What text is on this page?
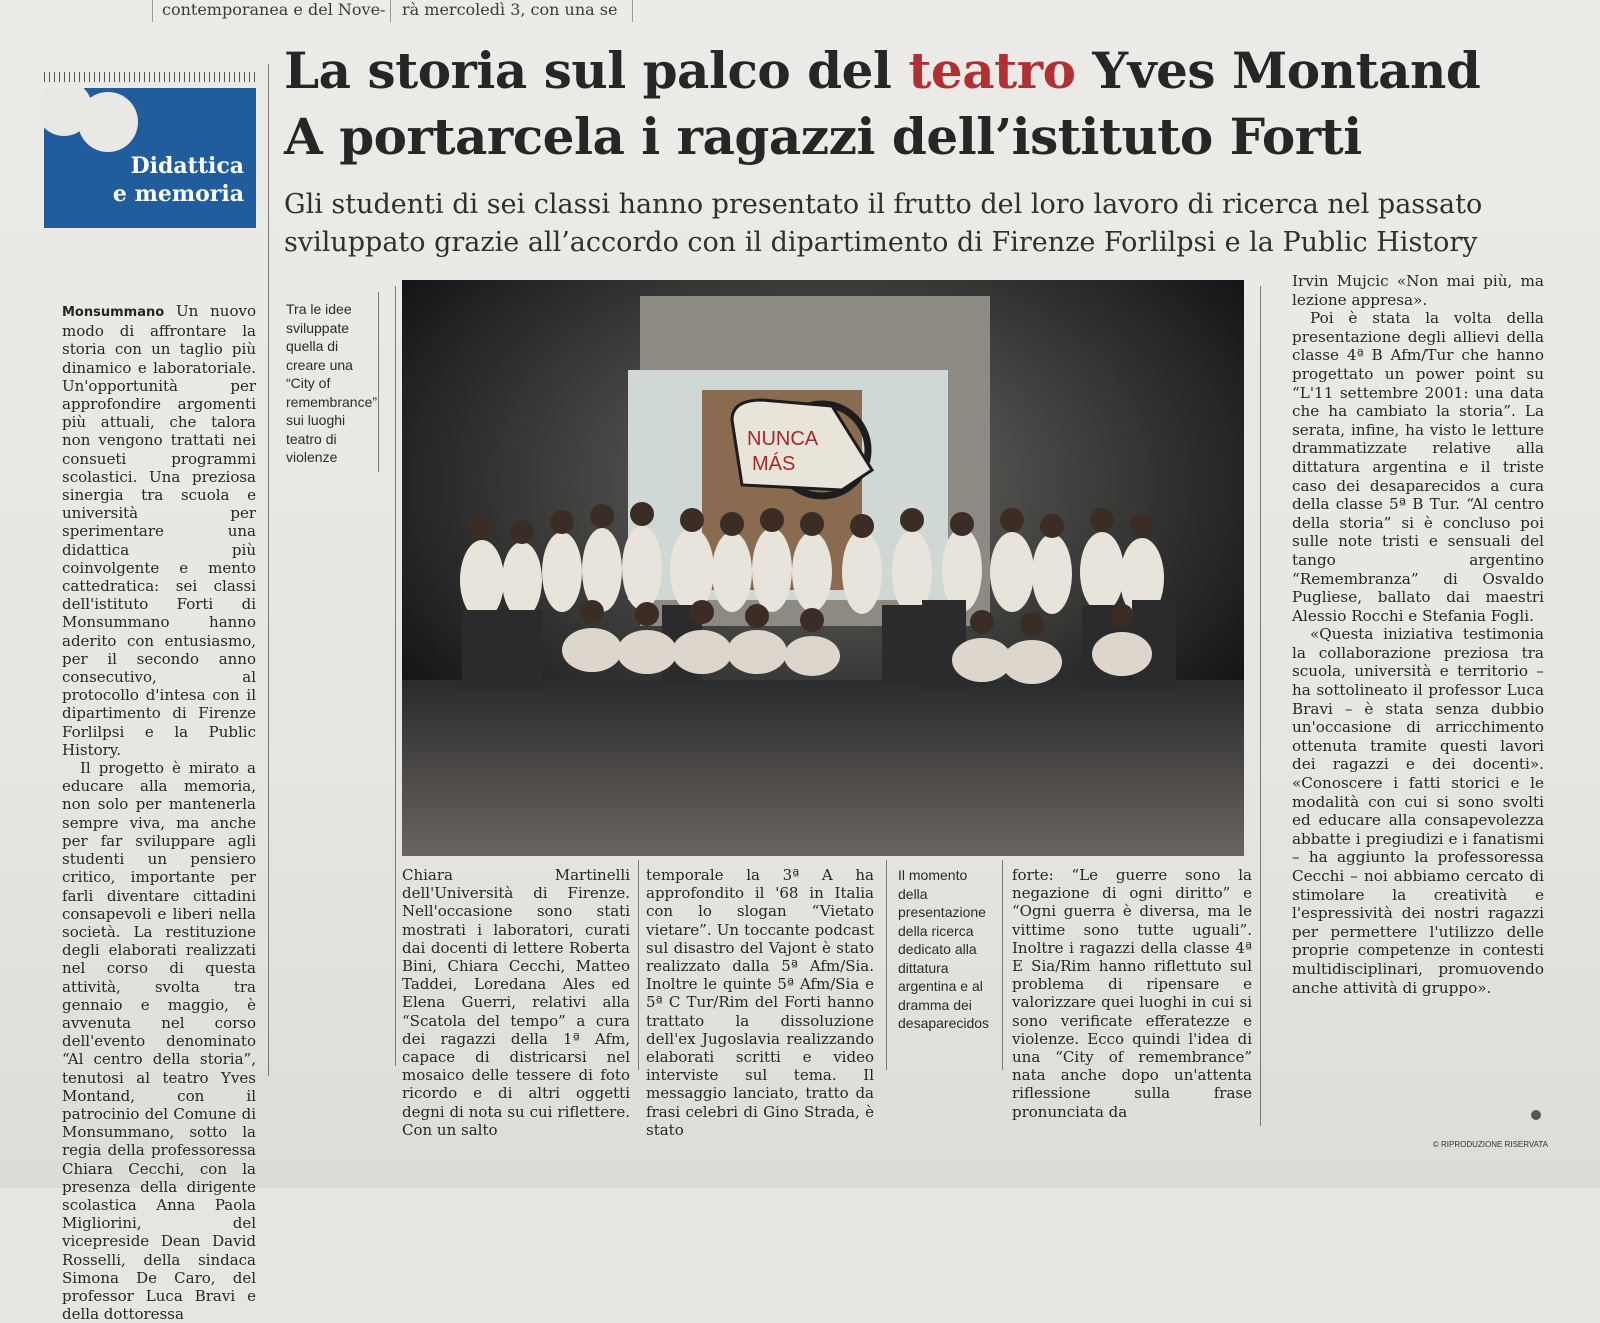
contemporanea e del Nove- rà mercoledì 3, con una se
Didattica
e memoria
La storia sul palco del teatro Yves Montand
A portarcela i ragazzi dell’istituto Forti
Gli studenti di sei classi hanno presentato il frutto del loro lavoro di ricerca nel passato
sviluppato grazie all’accordo con il dipartimento di Firenze Forlilpsi e la Public History

Monsummano Un nuovo modo di affrontare la storia con un taglio più dinamico e laboratoriale. Un'opportunità per approfondire argomenti più attuali, che talora non vengono trattati nei consueti programmi scolastici. Una preziosa sinergia tra scuola e università per sperimentare una didattica più coinvolgente e mento cattedratica: sei classi dell'istituto Forti di Monsummano hanno aderito con entusiasmo, per il secondo anno consecutivo, al protocollo d'intesa con il dipartimento di Firenze Forlilpsi e la Public History.

Il progetto è mirato a educare alla memoria, non solo per mantenerla sempre viva, ma anche per far sviluppare agli studenti un pensiero critico, importante per farli diventare cittadini consapevoli e liberi nella società. La restituzione degli elaborati realizzati nel corso di questa attività, svolta tra gennaio e maggio, è avvenuta nel corso dell'evento denominato “Al centro della storia”, tenutosi al teatro Yves Montand, con il patrocinio del Comune di Monsummano, sotto la regia della professoressa Chiara Cecchi, con la presenza della dirigente scolastica Anna Paola Migliorini, del vicepreside Dean David Rosselli, della sindaca Simona De Caro, del professor Luca Bravi e della dottoressa

Tra le idee sviluppate quella di creare una “City of remembrance” sui luoghi teatro di violenze
NUNCA
MÁS

Chiara Martinelli dell'Università di Firenze. Nell'occasione sono stati mostrati i laboratori, curati dai docenti di lettere Roberta Bini, Chiara Cecchi, Matteo Taddei, Loredana Ales ed Elena Guerri, relativi alla “Scatola del tempo” a cura dei ragazzi della 1ª Afm, capace di districarsi nel mosaico delle tessere di foto ricordo e di altri oggetti degni di nota su cui riflettere. Con un salto

temporale la 3ª A ha approfondito il '68 in Italia con lo slogan “Vietato vietare”. Un toccante podcast sul disastro del Vajont è stato realizzato dalla 5ª Afm/Sia. Inoltre le quinte 5ª Afm/Sia e 5ª C Tur/Rim del Forti hanno trattato la dissoluzione dell'ex Jugoslavia realizzando elaborati scritti e video interviste sul tema. Il messaggio lanciato, tratto da frasi celebri di Gino Strada, è stato

Il momento della presentazione della ricerca dedicato alla dittatura argentina e al dramma dei desaparecidos

forte: “Le guerre sono la negazione di ogni diritto” e “Ogni guerra è diversa, ma le vittime sono tutte uguali”. Inoltre i ragazzi della classe 4ª E Sia/Rim hanno riflettuto sul problema di ripensare e valorizzare quei luoghi in cui si sono verificate efferatezze e violenze. Ecco quindi l'idea di una “City of remembrance” nata anche dopo un'attenta riflessione sulla frase pronunciata da

Irvin Mujcic «Non mai più, ma lezione appresa».

Poi è stata la volta della presentazione degli allievi della classe 4ª B Afm/Tur che hanno progettato un power point su “L'11 settembre 2001: una data che ha cambiato la storia”. La serata, infine, ha visto le letture drammatizzate relative alla dittatura argentina e il triste caso dei desaparecidos a cura della classe 5ª B Tur. “Al centro della storia” si è concluso poi sulle note tristi e sensuali del tango argentino “Remembranza” di Osvaldo Pugliese, ballato dai maestri Alessio Rocchi e Stefania Fogli.

«Questa iniziativa testimonia la collaborazione preziosa tra scuola, università e territorio – ha sottolineato il professor Luca Bravi – è stata senza dubbio un'occasione di arricchimento ottenuta tramite questi lavori dei ragazzi e dei docenti». «Conoscere i fatti storici e le modalità con cui si sono svolti ed educare alla consapevolezza abbatte i pregiudizi e i fanatismi – ha aggiunto la professoressa Cecchi – noi abbiamo cercato di stimolare la creatività e l'espressività dei nostri ragazzi per permettere l'utilizzo delle proprie competenze in contesti multidisciplinari, promuovendo anche attività di gruppo».

© RIPRODUZIONE RISERVATA
